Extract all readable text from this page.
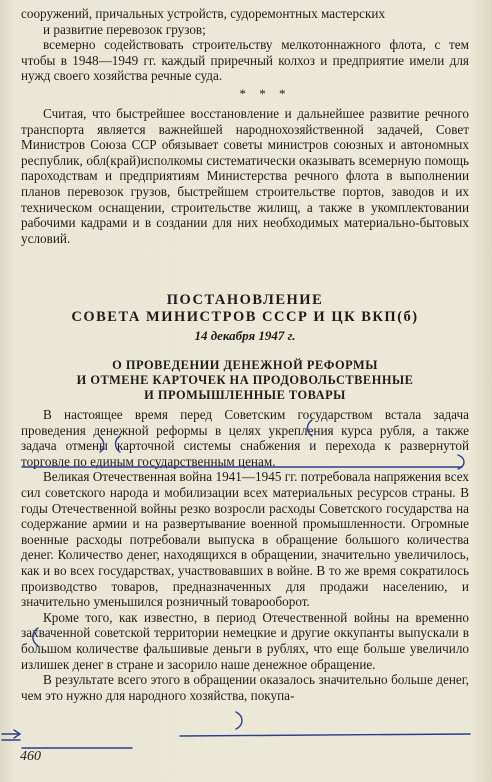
сооружений, причальных устройств, судоремонтных мастерских
и развитие перевозок грузов;

всемерно содействовать строительству мелкотоннажного флота, с тем чтобы в 1948—1949 гг. каждый приречный колхоз и предприятие имели для нужд своего хозяйства речные суда.

* * *

Считая, что быстрейшее восстановление и дальнейшее развитие речного транспорта является важнейшей народнохозяйственной задачей, Совет Министров Союза ССР обязывает советы министров союзных и автономных республик, обл(край)исполкомы систематически оказывать всемерную помощь пароходствам и предприятиям Министерства речного флота в выполнении планов перевозок грузов, быстрейшем строительстве портов, заводов и их техническом оснащении, строительстве жилищ, а также в укомплектовании рабочими кадрами и в создании для них необходимых материально-бытовых условий.

ПОСТАНОВЛЕНИЕ

СОВЕТА МИНИСТРОВ СССР И ЦК ВКП(б)

14 декабря 1947 г.

О ПРОВЕДЕНИИ ДЕНЕЖНОЙ РЕФОРМЫ

И ОТМЕНЕ КАРТОЧЕК НА ПРОДОВОЛЬСТВЕННЫЕ

И ПРОМЫШЛЕННЫЕ ТОВАРЫ

В настоящее время перед Советским государством встала задача проведения денежной реформы в целях укрепления курса рубля, а также задача отмены карточной системы снабжения и перехода к развернутой торговле по единым государственным ценам.

Великая Отечественная война 1941—1945 гг. потребовала напряжения всех сил советского народа и мобилизации всех материальных ресурсов страны. В годы Отечественной войны резко возросли расходы Советского государства на содержание армии и на развертывание военной промышленности. Огромные военные расходы потребовали выпуска в обращение большого количества денег. Количество денег, находящихся в обращении, значительно увеличилось, как и во всех государствах, участвовавших в войне. В то же время сократилось производство товаров, предназначенных для продажи населению, и значительно уменьшился розничный товарооборот.

Кроме того, как известно, в период Отечественной войны на временно захваченной советской территории немецкие и другие оккупанты выпускали в большом количестве фальшивые деньги в рублях, что еще больше увеличило излишек денег в стране и засорило наше денежное обращение.

В результате всего этого в обращении оказалось значительно больше денег, чем это нужно для народного хозяйства, покупа-

460
